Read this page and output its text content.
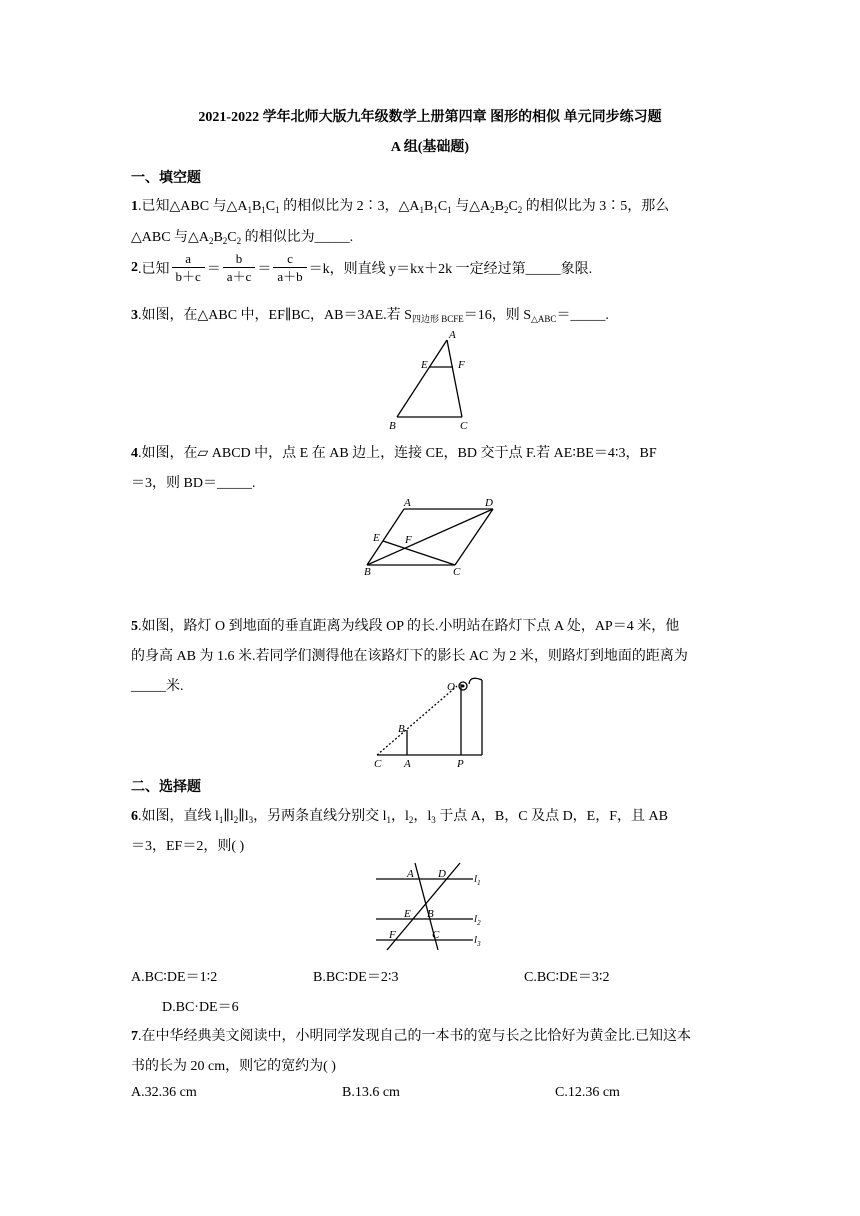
2021-2022 学年北师大版九年级数学上册第四章 图形的相似 单元同步练习题
A 组(基础题)
一、填空题
1.已知△ABC 与$\triangle A_1B_1C_1$ 的相似比为 2∶3，$\triangle A_1B_1C_1$ 与$\triangle A_2B_2C_2$ 的相似比为 3∶5，那么
△ABC 与$\triangle A_2B_2C_2$ 的相似比为_____.
2 .已知 $\frac{a}{b+c} = \frac{b}{a+c} = \frac{c}{a+b} =k$，则直线 y＝kx＋2k 一定经过第_____象限.
3.如图，在△ABC 中，EF∥BC，AB＝3AE.若 $S_{四边形 BCFE}=16$，则 $S_{\triangle ABC}=\_\_\_\_\_$.
A
E	F
B	C
4.如图，在▱ ABCD 中，点 E 在 AB 边上，连接 CE，BD 交于点 F.若 AE∶BE＝4∶3，BF
＝3，则 BD＝_____.
A	D
E F
B	C
5.如图，路灯 O 到地面的垂直距离为线段 OP 的长.小明站在路灯下点 A 处，AP＝4 米，他
的身高 AB 为 1.6 米.若同学们测得他在该路灯下的影长 AC 为 2 米，则路灯到地面的距离为
_____米.	O
B
C A	P
二、选择题
6.如图，直线 $l_1\parallel l_2\parallel l_3$，另两条直线分别交 $l_1$，$l_2$，$l_3$ 于点 A，B，C 及点 D，E，F，且 AB
＝3，EF＝2，则( )
A D
E B
F	C
$l_1$
$l_2$
$l_3$
A.BC∶DE＝1∶2	B.BC∶DE＝2∶3	C.BC∶DE＝3∶2
D.BC·DE＝6
7.在中华经典美文阅读中，小明同学发现自己的一本书的宽与长之比恰好为黄金比.已知这本
书的长为 20 cm，则它的宽约为( )
A.32.36 cm	B.13.6 cm	C.12.36 cm
